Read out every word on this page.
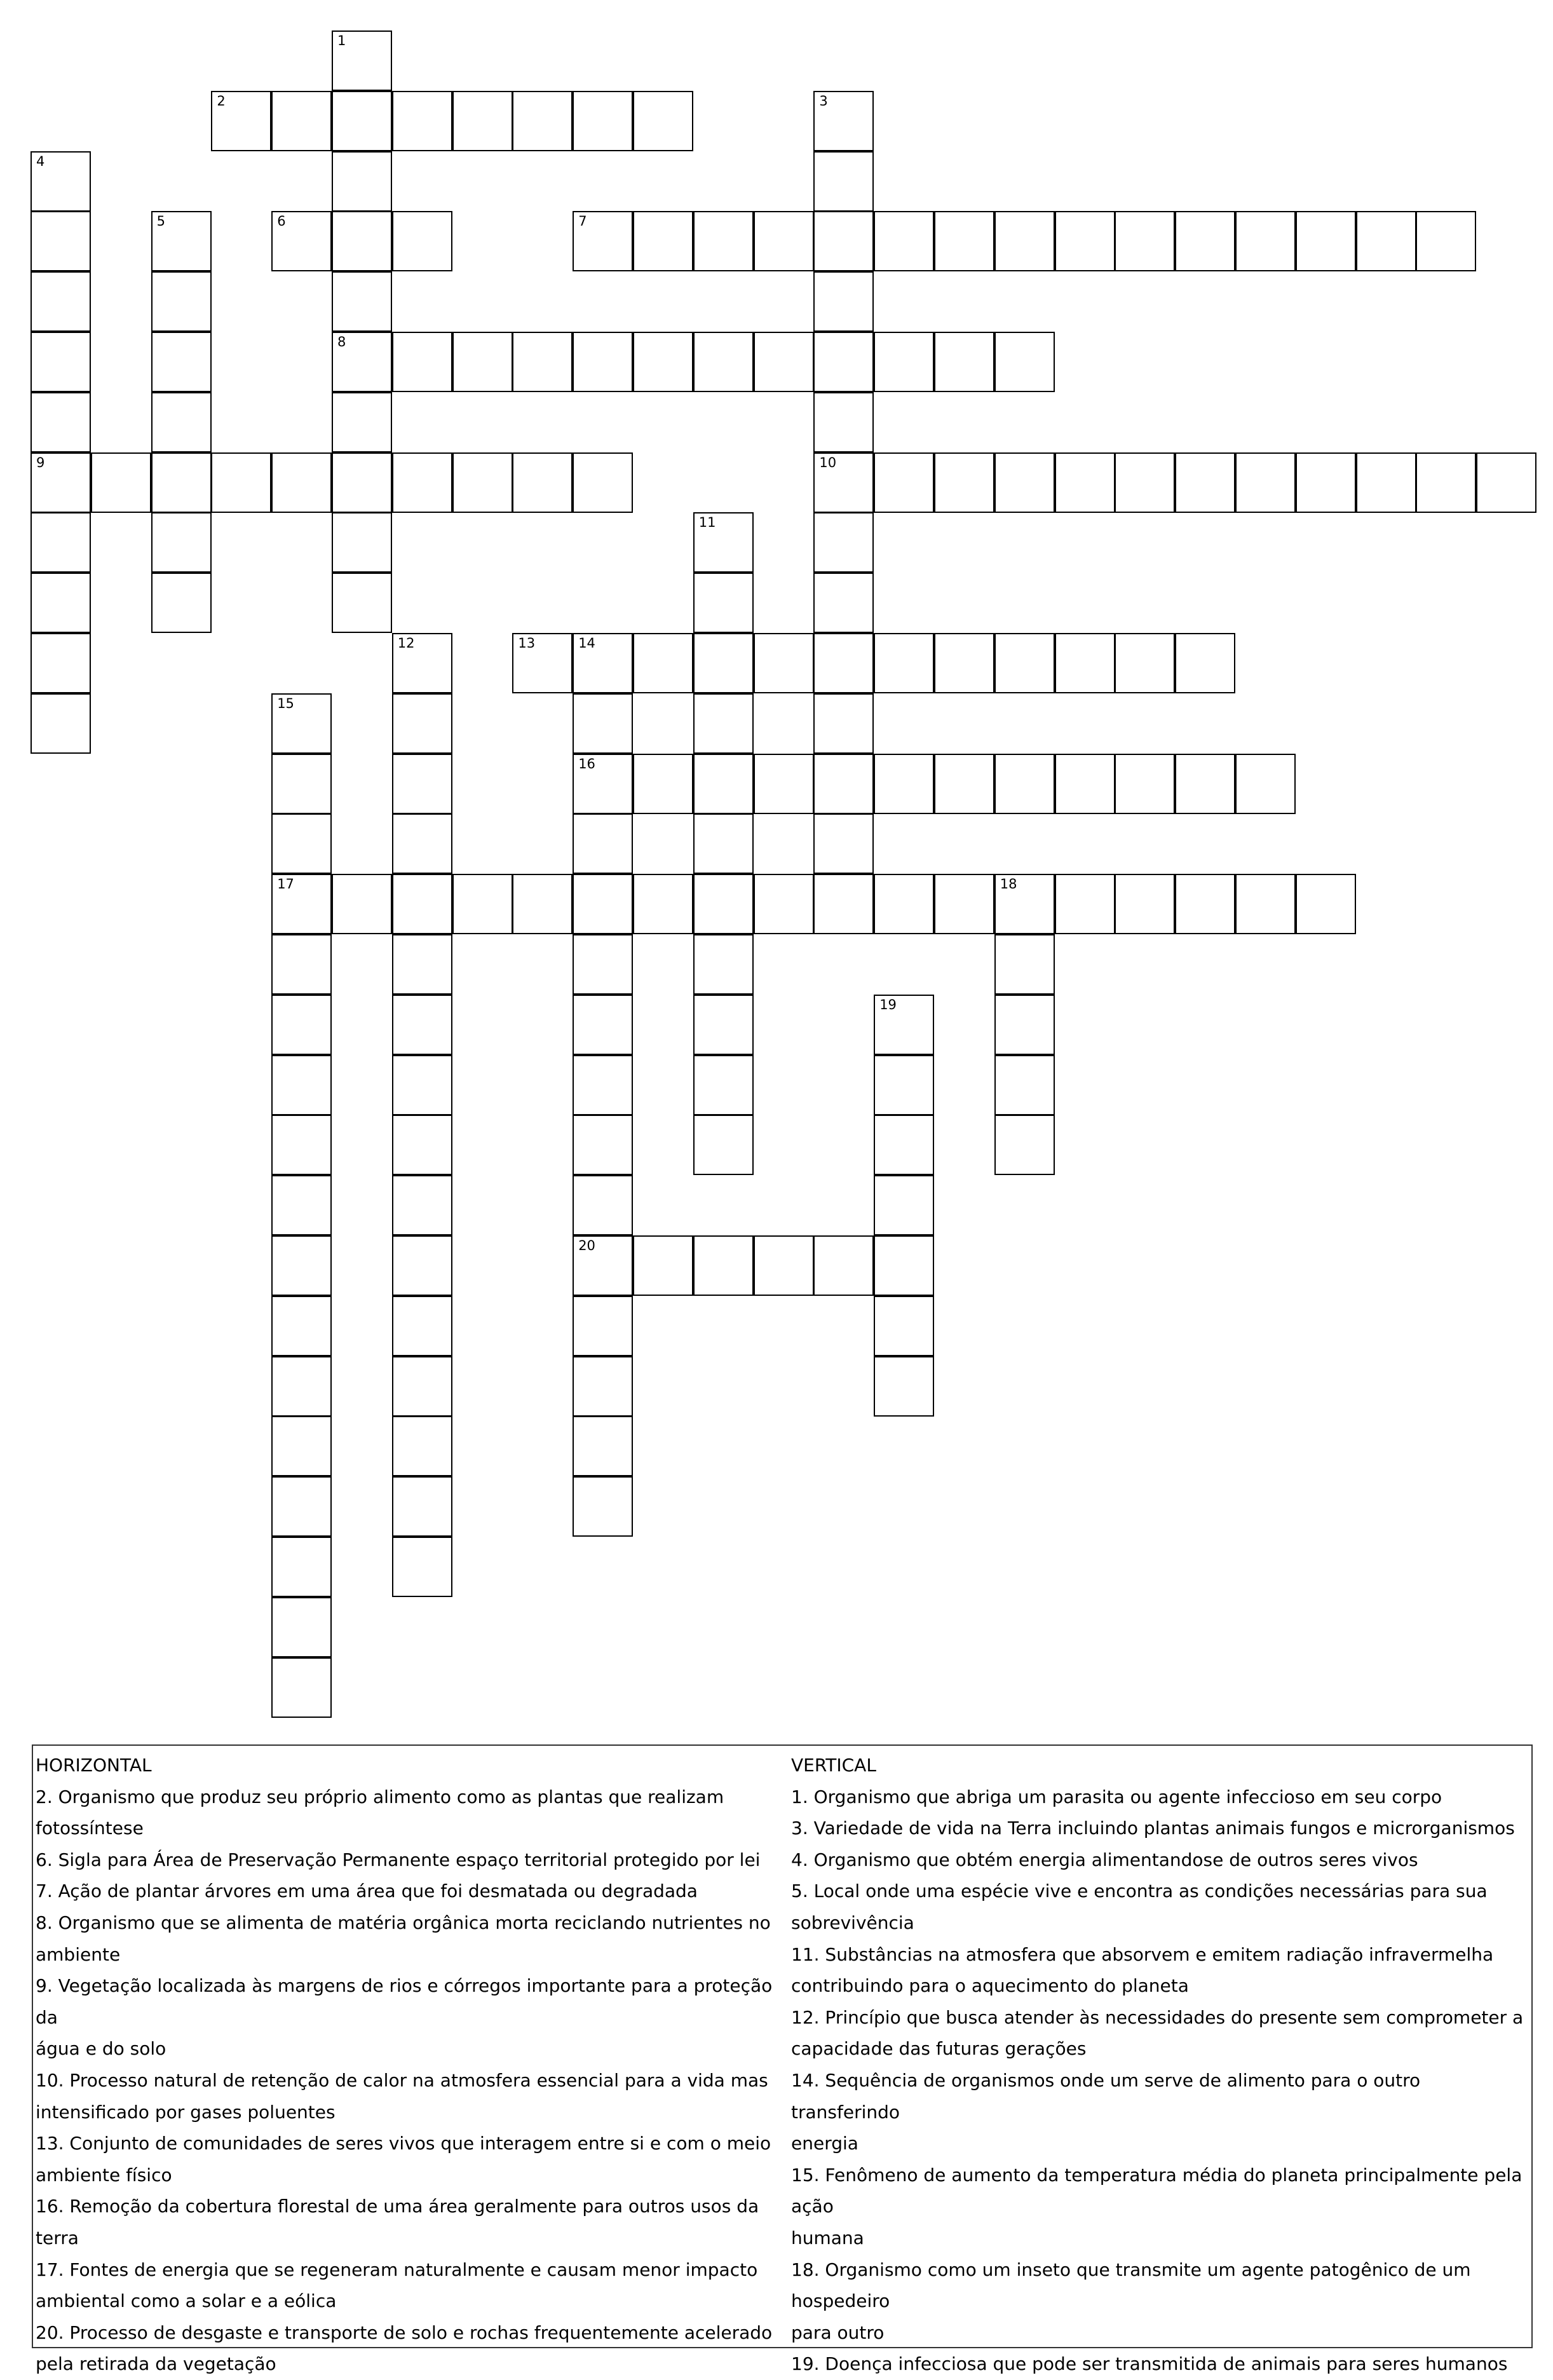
2
6	7
8
9	10
13	14
16
17	18
20
1
3
4
5
11
12
15
19
HORIZONTAL
2. Organismo que produz seu próprio alimento como as plantas que realizam
fotossíntese
6. Sigla para Área de Preservação Permanente espaço territorial protegido por lei
7. Ação de plantar árvores em uma área que foi desmatada ou degradada
8. Organismo que se alimenta de matéria orgânica morta reciclando nutrientes no
ambiente
9. Vegetação localizada às margens de rios e córregos importante para a proteção da
água e do solo
10. Processo natural de retenção de calor na atmosfera essencial para a vida mas
intensificado por gases poluentes
13. Conjunto de comunidades de seres vivos que interagem entre si e com o meio
ambiente físico
16. Remoção da cobertura florestal de uma área geralmente para outros usos da terra
17. Fontes de energia que se regeneram naturalmente e causam menor impacto
ambiental como a solar e a eólica
20. Processo de desgaste e transporte de solo e rochas frequentemente acelerado
pela retirada da vegetação
VERTICAL
1. Organismo que abriga um parasita ou agente infeccioso em seu corpo
3. Variedade de vida na Terra incluindo plantas animais fungos e microrganismos
4. Organismo que obtém energia alimentandose de outros seres vivos
5. Local onde uma espécie vive e encontra as condições necessárias para sua
sobrevivência
11. Substâncias na atmosfera que absorvem e emitem radiação infravermelha
contribuindo para o aquecimento do planeta
12. Princípio que busca atender às necessidades do presente sem comprometer a
capacidade das futuras gerações
14. Sequência de organismos onde um serve de alimento para o outro transferindo
energia
15. Fenômeno de aumento da temperatura média do planeta principalmente pela ação
humana
18. Organismo como um inseto que transmite um agente patogênico de um hospedeiro
para outro
19. Doença infecciosa que pode ser transmitida de animais para seres humanos
